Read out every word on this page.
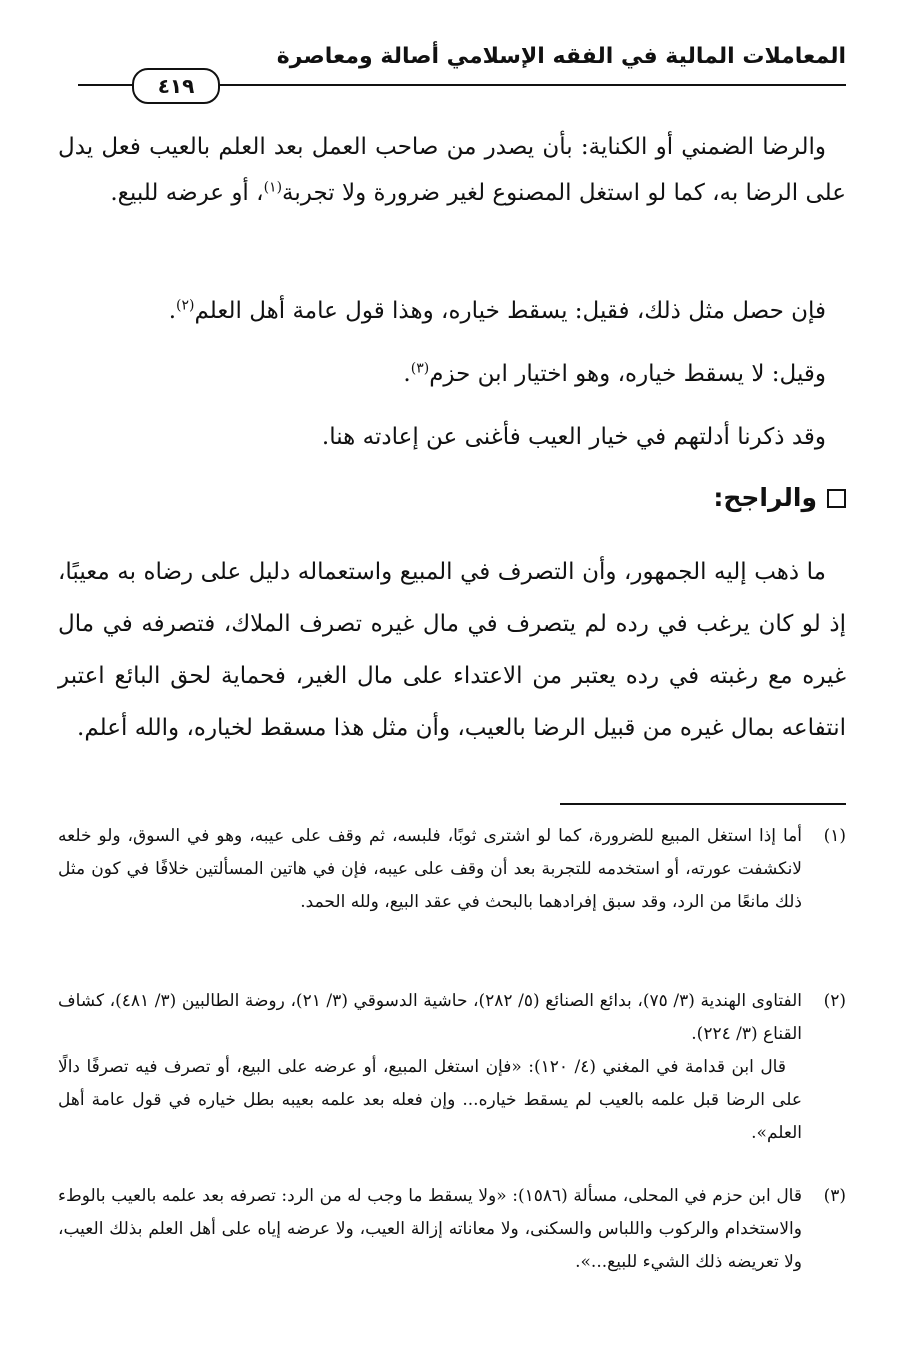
المعاملات المالية في الفقه الإسلامي أصالة ومعاصرة
٤١٩
والرضا الضمني أو الكناية: بأن يصدر من صاحب العمل بعد العلم بالعيب فعل يدل على الرضا به، كما لو استغل المصنوع لغير ضرورة ولا تجربة$^{(١)}$، أو عرضه للبيع.
فإن حصل مثل ذلك، فقيل: يسقط خياره، وهذا قول عامة أهل العلم$^{(٢)}$.
وقيل: لا يسقط خياره، وهو اختيار ابن حزم$^{(٣)}$.
وقد ذكرنا أدلتهم في خيار العيب فأغنى عن إعادته هنا.
والراجح:
ما ذهب إليه الجمهور، وأن التصرف في المبيع واستعماله دليل على رضاه به معيبًا، إذ لو كان يرغب في رده لم يتصرف في مال غيره تصرف الملاك، فتصرفه في مال غيره مع رغبته في رده يعتبر من الاعتداء على مال الغير، فحماية لحق البائع اعتبر انتفاعه بمال غيره من قبيل الرضا بالعيب، وأن مثل هذا مسقط لخياره، والله أعلم.
(١)
أما إذا استغل المبيع للضرورة، كما لو اشترى ثوبًا، فلبسه، ثم وقف على عيبه، وهو في السوق، ولو خلعه لانكشفت عورته، أو استخدمه للتجربة بعد أن وقف على عيبه، فإن في هاتين المسألتين خلافًا في كون مثل ذلك مانعًا من الرد، وقد سبق إفرادهما بالبحث في عقد البيع، ولله الحمد.
(٢)
الفتاوى الهندية (٣/ ٧٥)، بدائع الصنائع (٥/ ٢٨٢)، حاشية الدسوقي (٣/ ٢١)، روضة الطالبين (٣/ ٤٨١)، كشاف القناع (٣/ ٢٢٤).
قال ابن قدامة في المغني (٤/ ١٢٠): «فإن استغل المبيع، أو عرضه على البيع، أو تصرف فيه تصرفًا دالًا على الرضا قبل علمه بالعيب لم يسقط خياره... وإن فعله بعد علمه بعيبه بطل خياره في قول عامة أهل العلم».
(٣)
قال ابن حزم في المحلى، مسألة (١٥٨٦): «ولا يسقط ما وجب له من الرد: تصرفه بعد علمه بالعيب بالوطء والاستخدام والركوب واللباس والسكنى، ولا معاناته إزالة العيب، ولا عرضه إياه على أهل العلم بذلك العيب، ولا تعريضه ذلك الشيء للبيع...».
